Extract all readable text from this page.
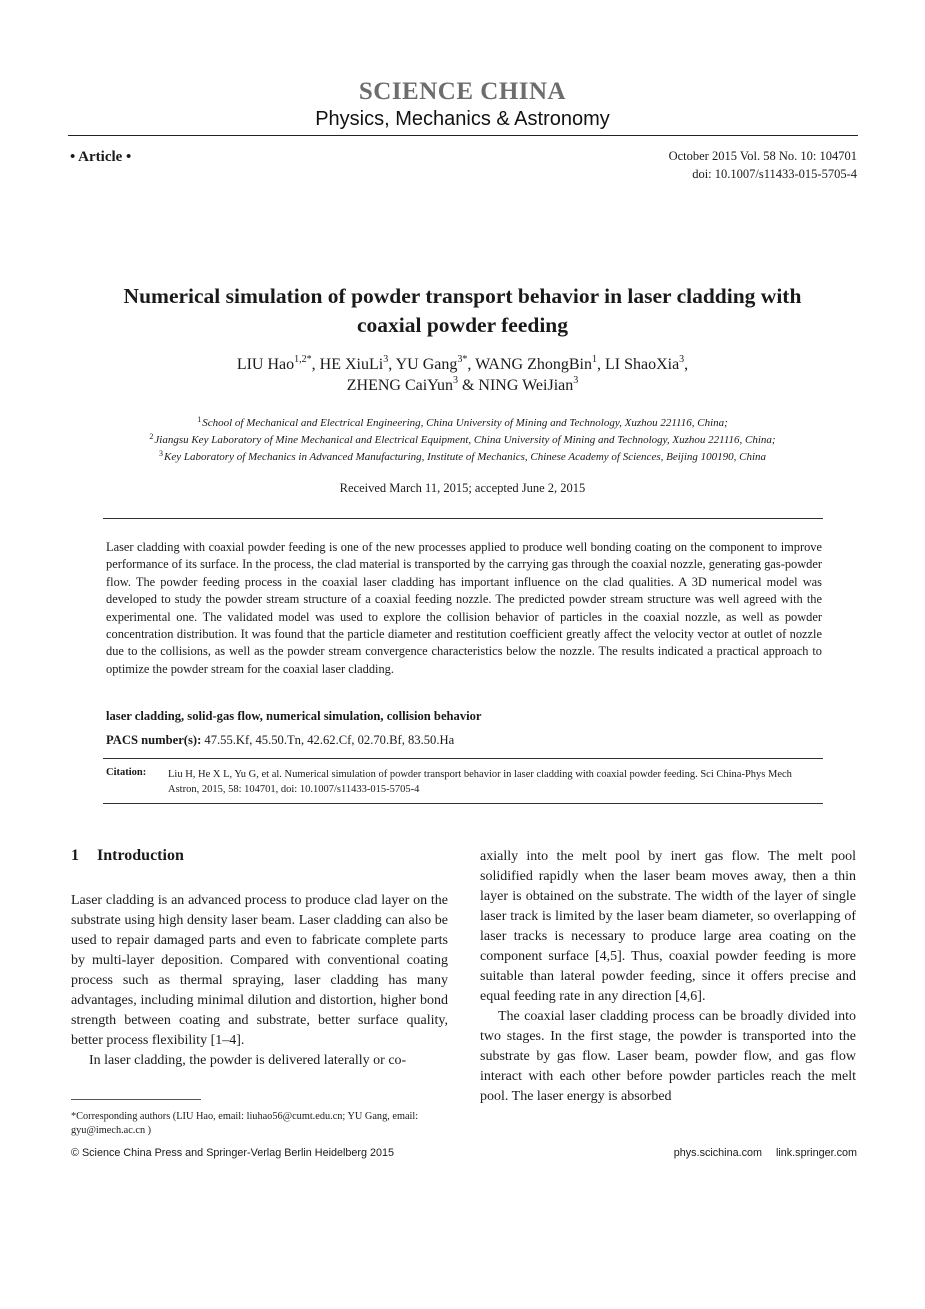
SCIENCE CHINA
Physics, Mechanics & Astronomy
• Article •	October 2015 Vol. 58 No. 10: 104701
doi: 10.1007/s11433-015-5705-4
Numerical simulation of powder transport behavior in laser cladding with coaxial powder feeding
LIU Hao$^{1,2*}$, HE XiuLi$^3$, YU Gang$^{3*}$, WANG ZhongBin$^1$, LI ShaoXia$^3$,
ZHENG CaiYun$^3$ & NING WeiJian$^3$
$^1$School of Mechanical and Electrical Engineering, China University of Mining and Technology, Xuzhou 221116, China;
$^2$Jiangsu Key Laboratory of Mine Mechanical and Electrical Equipment, China University of Mining and Technology, Xuzhou 221116, China;
$^3$Key Laboratory of Mechanics in Advanced Manufacturing, Institute of Mechanics, Chinese Academy of Sciences, Beijing 100190, China
Received March 11, 2015; accepted June 2, 2015
Laser cladding with coaxial powder feeding is one of the new processes applied to produce well bonding coating on the component to improve performance of its surface. In the process, the clad material is transported by the carrying gas through the coaxial nozzle, generating gas-powder flow. The powder feeding process in the coaxial laser cladding has important influence on the clad qualities. A 3D numerical model was developed to study the powder stream structure of a coaxial feeding nozzle. The predicted powder stream structure was well agreed with the experimental one. The validated model was used to explore the collision behavior of particles in the coaxial nozzle, as well as powder concentration distribution. It was found that the particle diameter and restitution coefficient greatly affect the velocity vector at outlet of nozzle due to the collisions, as well as the powder stream convergence characteristics below the nozzle. The results indicated a practical approach to optimize the powder stream for the coaxial laser cladding.
laser cladding, solid-gas flow, numerical simulation, collision behavior
PACS number(s): 47.55.Kf, 45.50.Tn, 42.62.Cf, 02.70.Bf, 83.50.Ha
Citation: Liu H, He X L, Yu G, et al. Numerical simulation of powder transport behavior in laser cladding with coaxial powder feeding. Sci China-Phys Mech Astron, 2015, 58: 104701, doi: 10.1007/s11433-015-5705-4
1 Introduction

Laser cladding is an advanced process to produce clad layer on the substrate using high density laser beam. Laser cladding can also be used to repair damaged parts and even to fabricate complete parts by multi-layer deposition. Compared with conventional coating process such as thermal spraying, laser cladding has many advantages, including minimal dilution and distortion, higher bond strength between coating and substrate, better surface quality, better process flexibility [1–4].

In laser cladding, the powder is delivered laterally or co-

axially into the melt pool by inert gas flow. The melt pool solidified rapidly when the laser beam moves away, then a thin layer is obtained on the substrate. The width of the layer of single laser track is limited by the laser beam diameter, so overlapping of laser tracks is necessary to produce large area coating on the component surface [4,5]. Thus, coaxial powder feeding is more suitable than lateral powder feeding, since it offers precise and equal feeding rate in any direction [4,6].

The coaxial laser cladding process can be broadly divided into two stages. In the first stage, the powder is transported into the substrate by gas flow. Laser beam, powder flow, and gas flow interact with each other before powder particles reach the melt pool. The laser energy is absorbed

*Corresponding authors (LIU Hao, email: liuhao56@cumt.edu.cn; YU Gang, email: gyu@imech.ac.cn )
© Science China Press and Springer-Verlag Berlin Heidelberg 2015	phys.scichina.com link.springer.com
